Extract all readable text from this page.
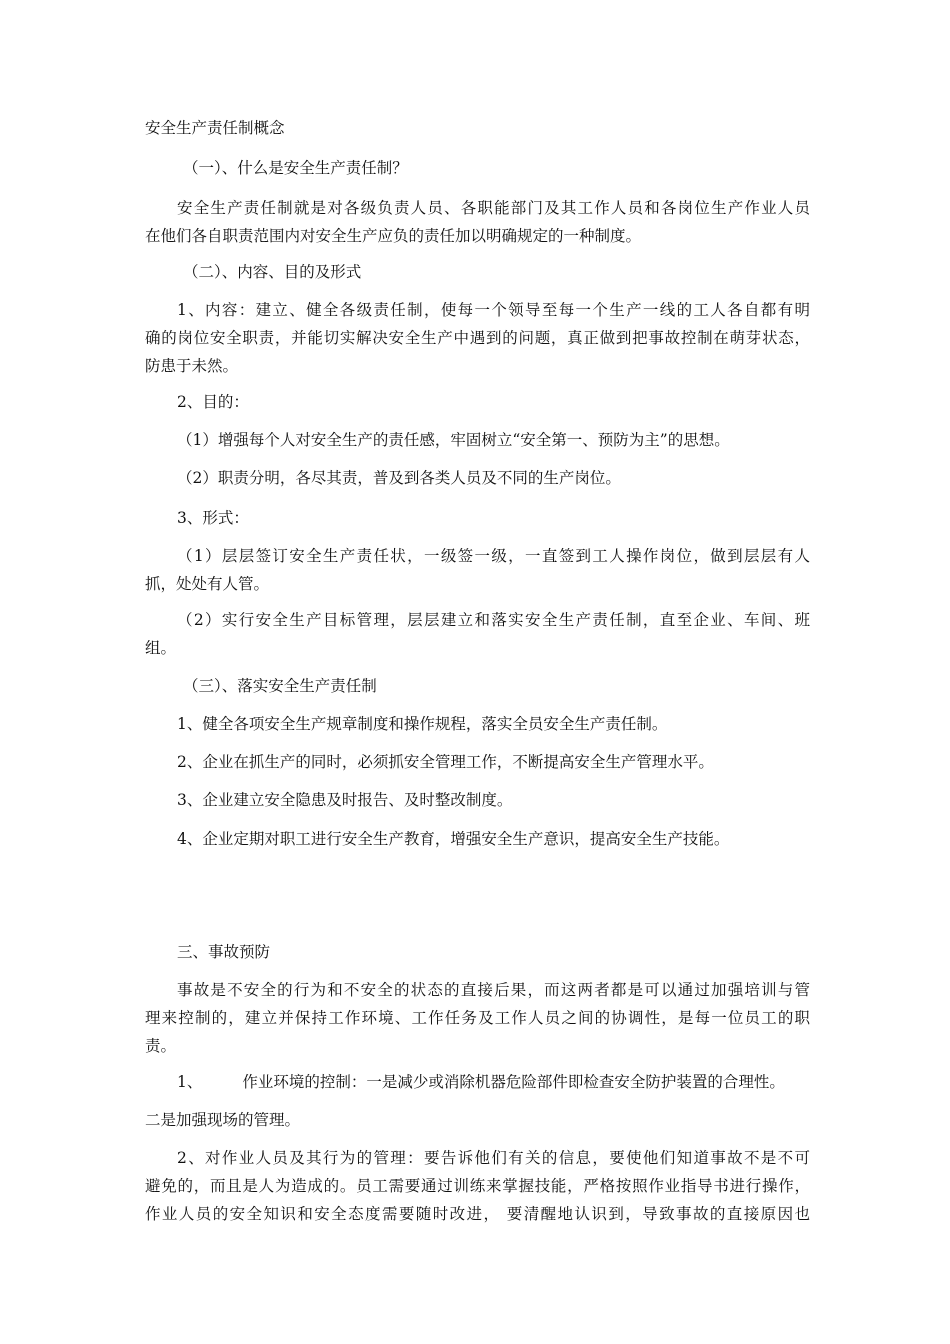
安全生产责任制概念
（一）、什么是安全生产责任制？
安全生产责任制就是对各级负责人员、各职能部门及其工作人员和各岗位生产作业人员
在他们各自职责范围内对安全生产应负的责任加以明确规定的一种制度。
（二）、内容、目的及形式
1、内容：建立、健全各级责任制，使每一个领导至每一个生产一线的工人各自都有明
确的岗位安全职责，并能切实解决安全生产中遇到的问题，真正做到把事故控制在萌芽状态，
防患于未然。
2、目的：
（1）增强每个人对安全生产的责任感，牢固树立“安全第一、预防为主”的思想。
（2）职责分明，各尽其责，普及到各类人员及不同的生产岗位。
3、形式：
（1）层层签订安全生产责任状，一级签一级，一直签到工人操作岗位，做到层层有人
抓，处处有人管。
（2）实行安全生产目标管理，层层建立和落实安全生产责任制，直至企业、车间、班
组。
（三）、落实安全生产责任制
1、健全各项安全生产规章制度和操作规程，落实全员安全生产责任制。
2、企业在抓生产的同时，必须抓安全管理工作，不断提高安全生产管理水平。
3、企业建立安全隐患及时报告、及时整改制度。
4、企业定期对职工进行安全生产教育，增强安全生产意识，提高安全生产技能。
三、事故预防
事故是不安全的行为和不安全的状态的直接后果，而这两者都是可以通过加强培训与管
理来控制的，建立并保持工作环境、工作任务及工作人员之间的协调性，是每一位员工的职
责。
1、	作业环境的控制：一是减少或消除机器危险部件即检查安全防护装置的合理性。
二是加强现场的管理。
2、对作业人员及其行为的管理：要告诉他们有关的信息，要使他们知道事故不是不可
避免的，而且是人为造成的。员工需要通过训练来掌握技能，严格按照作业指导书进行操作，
作业人员的安全知识和安全态度需要随时改进， 要清醒地认识到，导致事故的直接原因也
